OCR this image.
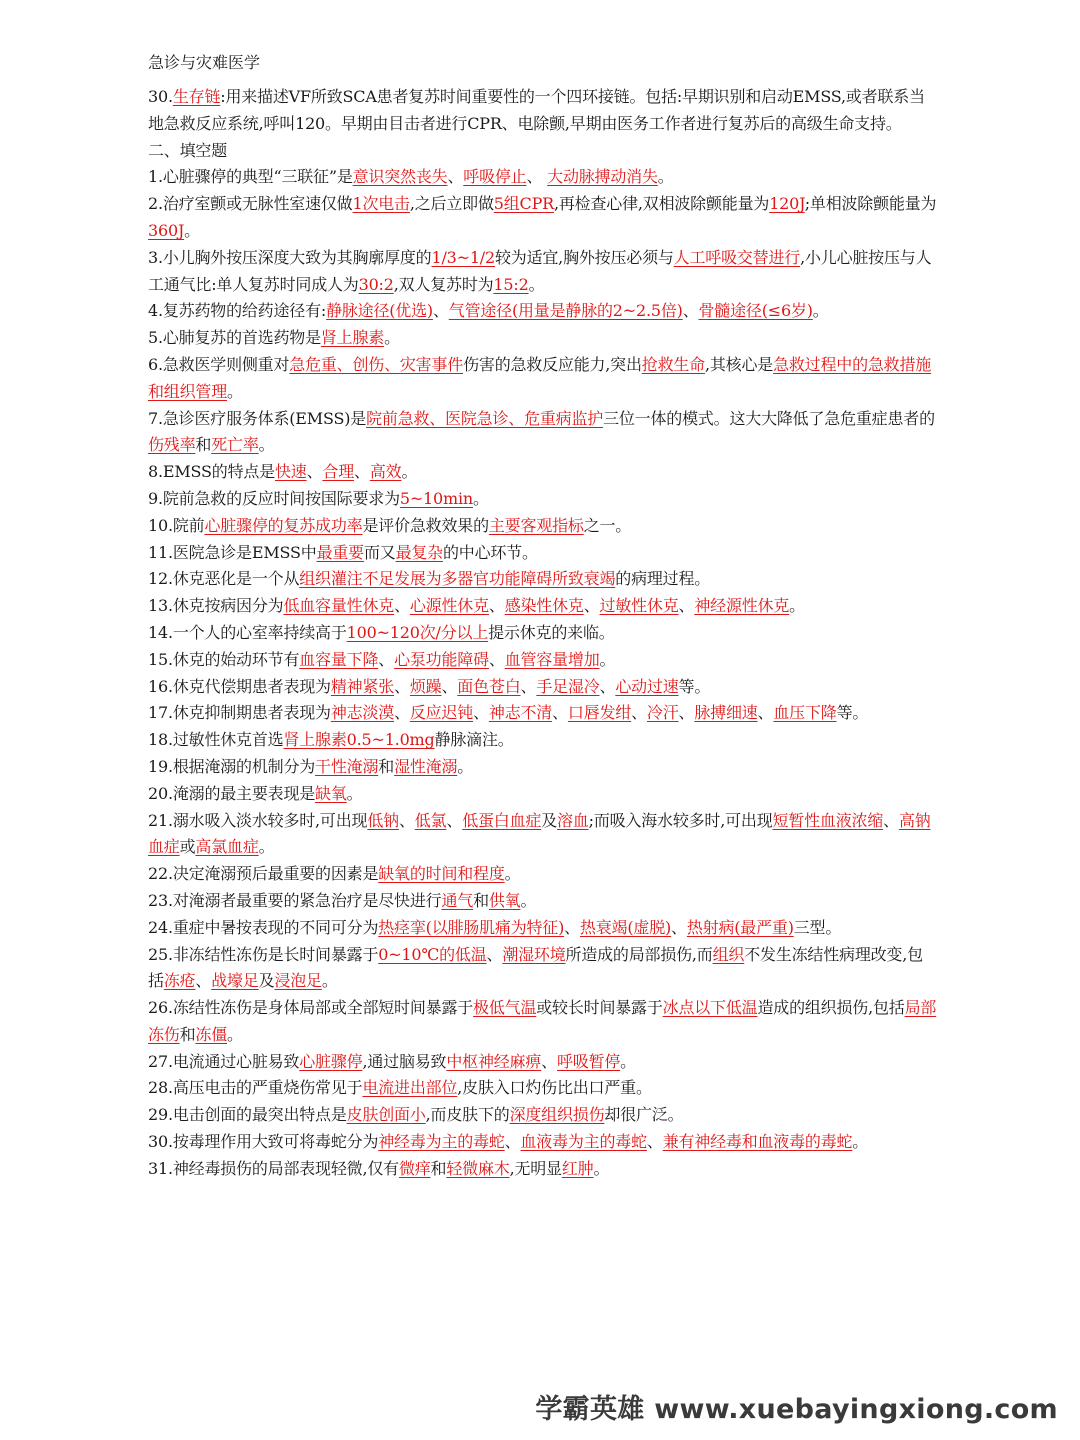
急诊与灾难医学

30.生存链:用来描述VF所致SCA患者复苏时间重要性的一个四环接链。包括:早期识别和启动EMSS,或者联系当地急救反应系统,呼叫120。早期由目击者进行CPR、电除颤,早期由医务工作者进行复苏后的高级生命支持。

二、填空题

1.心脏骤停的典型“三联征”是意识突然丧失、呼吸停止、 大动脉搏动消失。

2.治疗室颤或无脉性室速仅做1次电击,之后立即做5组CPR,再检查心律,双相波除颤能量为120J;单相波除颤能量为360J。

3.小儿胸外按压深度大致为其胸廓厚度的1/3~1/2较为适宜,胸外按压必须与人工呼吸交替进行,小儿心脏按压与人工通气比:单人复苏时同成人为30:2,双人复苏时为15:2。

4.复苏药物的给药途径有:静脉途径(优选)、气管途径(用量是静脉的2~2.5倍)、骨髓途径(≤6岁)。

5.心肺复苏的首选药物是肾上腺素。

6.急救医学则侧重对急危重、创伤、灾害事件伤害的急救反应能力,突出抢救生命,其核心是急救过程中的急救措施和组织管理。

7.急诊医疗服务体系(EMSS)是院前急救、医院急诊、危重病监护三位一体的模式。这大大降低了急危重症患者的伤残率和死亡率。

8.EMSS的特点是快速、合理、高效。

9.院前急救的反应时间按国际要求为5~10min。

10.院前心脏骤停的复苏成功率是评价急救效果的主要客观指标之一。

11.医院急诊是EMSS中最重要而又最复杂的中心环节。

12.休克恶化是一个从组织灌注不足发展为多器官功能障碍所致衰竭的病理过程。

13.休克按病因分为低血容量性休克、心源性休克、感染性休克、过敏性休克、神经源性休克。

14.一个人的心室率持续高于100~120次/分以上提示休克的来临。

15.休克的始动环节有血容量下降、心泵功能障碍、血管容量增加。

16.休克代偿期患者表现为精神紧张、烦躁、面色苍白、手足湿冷、心动过速等。

17.休克抑制期患者表现为神志淡漠、反应迟钝、神志不清、口唇发绀、冷汗、脉搏细速、血压下降等。

18.过敏性休克首选肾上腺素0.5~1.0mg静脉滴注。

19.根据淹溺的机制分为干性淹溺和湿性淹溺。

20.淹溺的最主要表现是缺氧。

21.溺水吸入淡水较多时,可出现低钠、低氯、低蛋白血症及溶血;而吸入海水较多时,可出现短暂性血液浓缩、高钠血症或高氯血症。

22.决定淹溺预后最重要的因素是缺氧的时间和程度。

23.对淹溺者最重要的紧急治疗是尽快进行通气和供氧。

24.重症中暑按表现的不同可分为热痉挛(以腓肠肌痛为特征)、热衰竭(虚脱)、热射病(最严重)三型。

25.非冻结性冻伤是长时间暴露于0~10℃的低温、潮湿环境所造成的局部损伤,而组织不发生冻结性病理改变,包括冻疮、战壕足及浸泡足。

26.冻结性冻伤是身体局部或全部短时间暴露于极低气温或较长时间暴露于冰点以下低温造成的组织损伤,包括局部冻伤和冻僵。

27.电流通过心脏易致心脏骤停,通过脑易致中枢神经麻痹、呼吸暂停。

28.高压电击的严重烧伤常见于电流进出部位,皮肤入口灼伤比出口严重。

29.电击创面的最突出特点是皮肤创面小,而皮肤下的深度组织损伤却很广泛。

30.按毒理作用大致可将毒蛇分为神经毒为主的毒蛇、血液毒为主的毒蛇、兼有神经毒和血液毒的毒蛇。

31.神经毒损伤的局部表现轻微,仅有微痒和轻微麻木,无明显红肿。

学霸英雄 www.xuebayingxiong.com
